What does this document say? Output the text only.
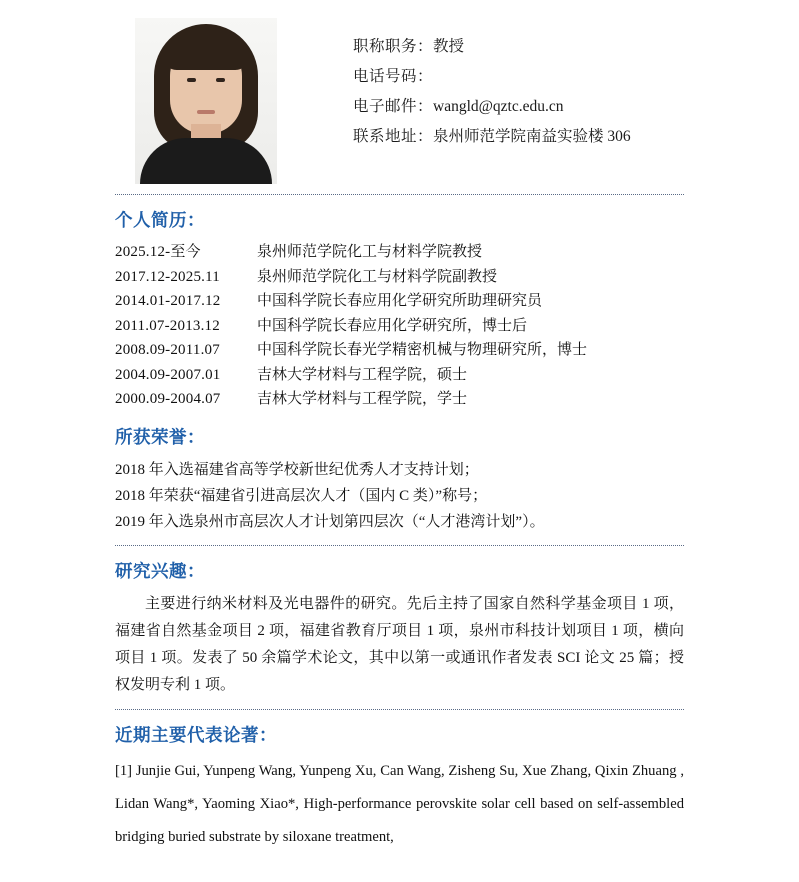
职称职务：教授
电话号码：
电子邮件：wangld@qztc.edu.cn
联系地址：泉州师范学院南益实验楼 306
个人简历：
2025.12-至今	泉州师范学院化工与材料学院教授
2017.12-2025.11	泉州师范学院化工与材料学院副教授
2014.01-2017.12	中国科学院长春应用化学研究所助理研究员
2011.07-2013.12	中国科学院长春应用化学研究所，博士后
2008.09-2011.07	中国科学院长春光学精密机械与物理研究所，博士
2004.09-2007.01	吉林大学材料与工程学院，硕士
2000.09-2004.07	吉林大学材料与工程学院，学士
所获荣誉：
2018 年入选福建省高等学校新世纪优秀人才支持计划；
2018 年荣获“福建省引进高层次人才（国内 C 类）”称号；
2019 年入选泉州市高层次人才计划第四层次（“人才港湾计划”）。
研究兴趣：

主要进行纳米材料及光电器件的研究。先后主持了国家自然科学基金项目 1 项，福建省自然基金项目 2 项，福建省教育厅项目 1 项，泉州市科技计划项目 1 项，横向项目 1 项。发表了 50 余篇学术论文，其中以第一或通讯作者发表 SCI 论文 25 篇；授权发明专利 1 项。

近期主要代表论著：

[1] Junjie Gui, Yunpeng Wang, Yunpeng Xu, Can Wang, Zisheng Su, Xue Zhang, Qixin Zhuang , Lidan Wang*, Yaoming Xiao*, High-performance perovskite solar cell based on self-assembled bridging buried substrate by siloxane treatment,
